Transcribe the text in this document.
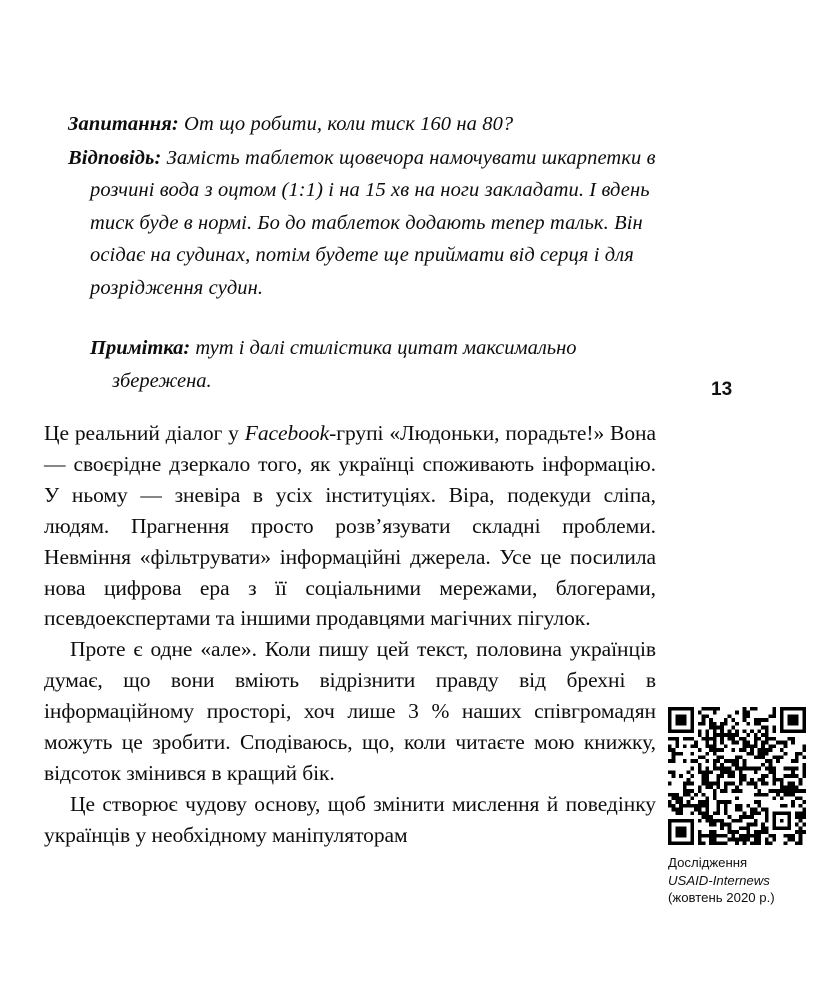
Запитання: От що робити, коли тиск 160 на 80?

Відповідь: Замість таблеток щовечора намочувати шкарпетки в розчині вода з оцтом (1:1) і на 15 хв на ноги закладати. І вдень тиск буде в нормі. Бо до таблеток додають тепер тальк. Він осідає на судинах, потім будете ще приймати від серця і для розрідження судин.

Примітка: тут і далі стилістика цитат максимально збережена.	13

Це реальний діалог у Facebook-групі «Людоньки, порадьте!» Вона — своєрідне дзеркало того, як українці споживають інформацію. У ньому — зневіра в усіх інституціях. Віра, подекуди сліпа, людям. Прагнення просто розв’язувати складні проблеми. Невміння «фільтрувати» інформаційні джерела. Усе це посилила нова цифрова ера з її соціальними мережами, блогерами, псевдоекспертами та іншими продавцями магічних пігулок.

Проте є одне «але». Коли пишу цей текст, половина українців думає, що вони вміють відрізнити правду від брехні в інформаційному просторі, хоч лише 3 % наших співгромадян можуть це зробити. Сподіваюсь, що, коли читаєте мою книжку, відсоток змінився в кращий бік.

Це створює чудову основу, щоб змінити мислення й поведінку українців у необхідному маніпуляторам

Дослідження
USAID-Internews
(жовтень 2020 р.)
